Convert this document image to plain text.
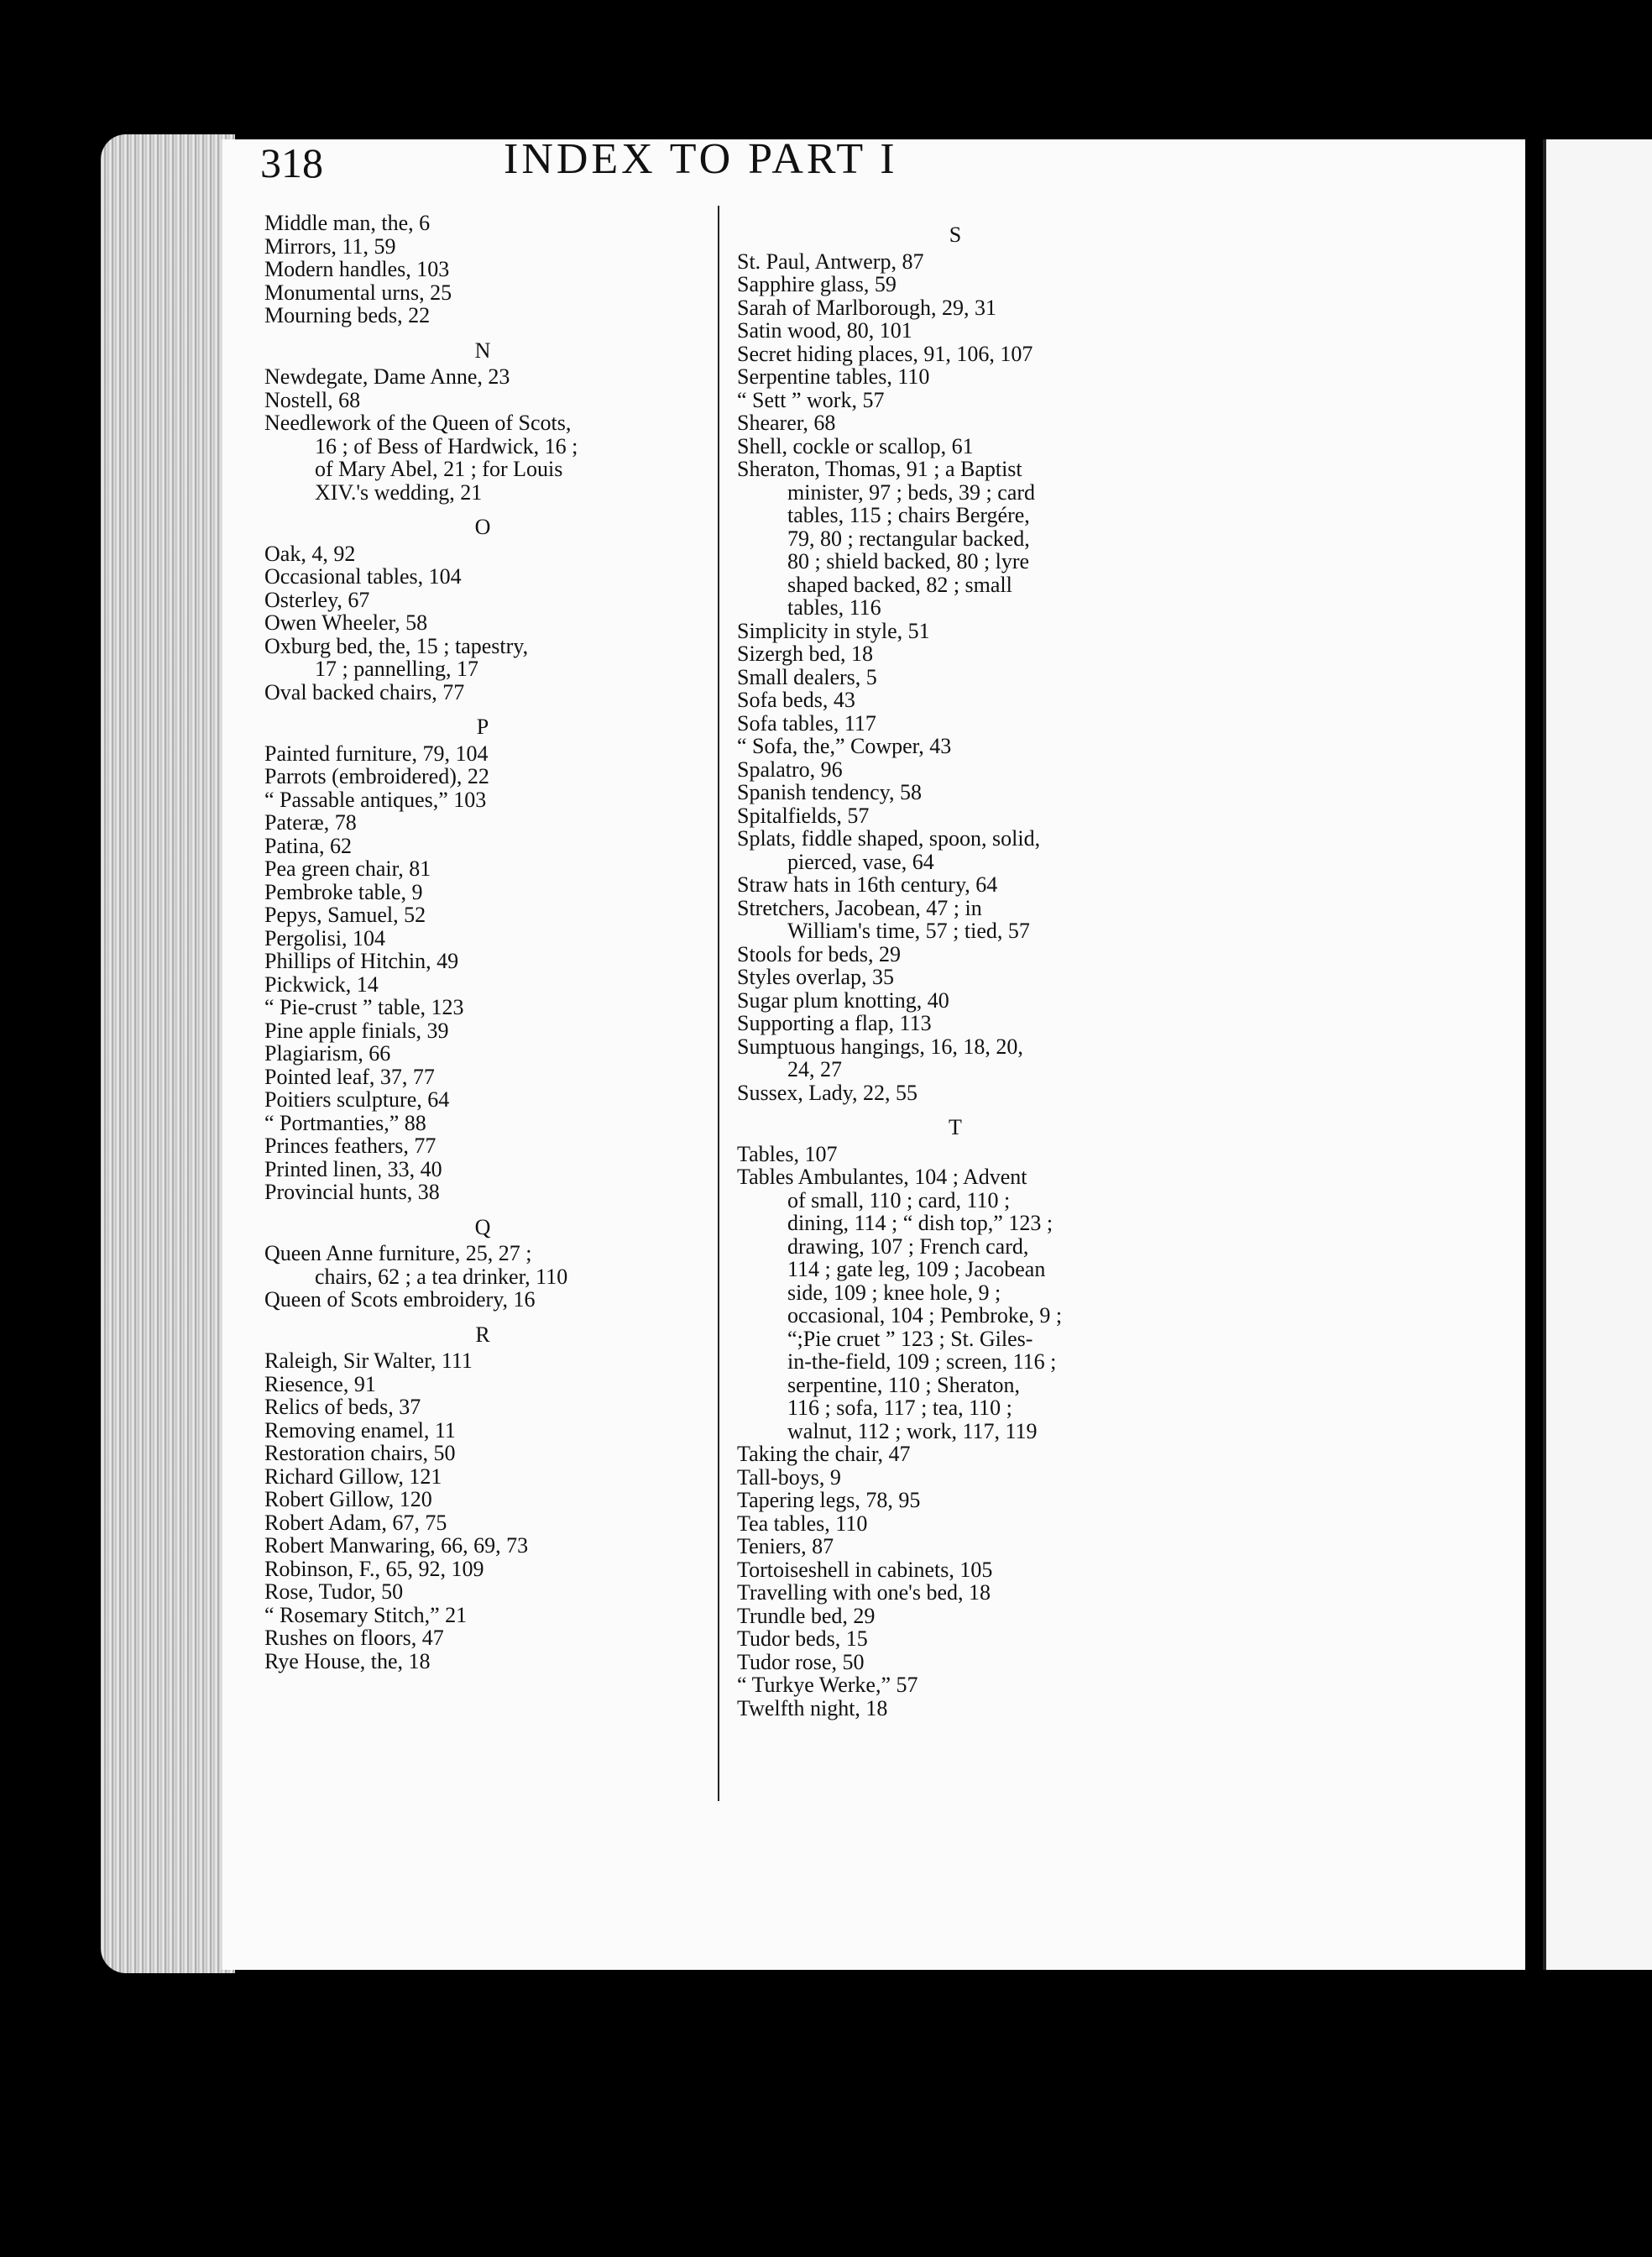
318	INDEX TO PART I
Middle man, the, 6
Mirrors, 11, 59
Modern handles, 103
Monumental urns, 25
Mourning beds, 22
N
Newdegate, Dame Anne, 23
Nostell, 68
Needlework of the Queen of Scots,
16 ; of Bess of Hardwick, 16 ;
of Mary Abel, 21 ; for Louis
XIV.'s wedding, 21
O
Oak, 4, 92
Occasional tables, 104
Osterley, 67
Owen Wheeler, 58
Oxburg bed, the, 15 ; tapestry,
17 ; pannelling, 17
Oval backed chairs, 77
P
Painted furniture, 79, 104
Parrots (embroidered), 22
“ Passable antiques,” 103
Pateræ, 78
Patina, 62
Pea green chair, 81
Pembroke table, 9
Pepys, Samuel, 52
Pergolisi, 104
Phillips of Hitchin, 49
Pickwick, 14
“ Pie-crust ” table, 123
Pine apple finials, 39
Plagiarism, 66
Pointed leaf, 37, 77
Poitiers sculpture, 64
“ Portmanties,” 88
Princes feathers, 77
Printed linen, 33, 40
Provincial hunts, 38
Q
Queen Anne furniture, 25, 27 ;
chairs, 62 ; a tea drinker, 110
Queen of Scots embroidery, 16
R
Raleigh, Sir Walter, 111
Riesence, 91
Relics of beds, 37
Removing enamel, 11
Restoration chairs, 50
Richard Gillow, 121
Robert Gillow, 120
Robert Adam, 67, 75
Robert Manwaring, 66, 69, 73
Robinson, F., 65, 92, 109
Rose, Tudor, 50
“ Rosemary Stitch,” 21
Rushes on floors, 47
Rye House, the, 18
S
St. Paul, Antwerp, 87
Sapphire glass, 59
Sarah of Marlborough, 29, 31
Satin wood, 80, 101
Secret hiding places, 91, 106, 107
Serpentine tables, 110
“ Sett ” work, 57
Shearer, 68
Shell, cockle or scallop, 61
Sheraton, Thomas, 91 ; a Baptist
minister, 97 ; beds, 39 ; card
tables, 115 ; chairs Bergére,
79, 80 ; rectangular backed,
80 ; shield backed, 80 ; lyre
shaped backed, 82 ; small
tables, 116
Simplicity in style, 51
Sizergh bed, 18
Small dealers, 5
Sofa beds, 43
Sofa tables, 117
“ Sofa, the,” Cowper, 43
Spalatro, 96
Spanish tendency, 58
Spitalfields, 57
Splats, fiddle shaped, spoon, solid,
pierced, vase, 64
Straw hats in 16th century, 64
Stretchers, Jacobean, 47 ; in
William's time, 57 ; tied, 57
Stools for beds, 29
Styles overlap, 35
Sugar plum knotting, 40
Supporting a flap, 113
Sumptuous hangings, 16, 18, 20,
24, 27
Sussex, Lady, 22, 55
T
Tables, 107
Tables Ambulantes, 104 ; Advent
of small, 110 ; card, 110 ;
dining, 114 ; “ dish top,” 123 ;
drawing, 107 ; French card,
114 ; gate leg, 109 ; Jacobean
side, 109 ; knee hole, 9 ;
occasional, 104 ; Pembroke, 9 ;
“;Pie cruet ” 123 ; St. Giles-
in-the-field, 109 ; screen, 116 ;
serpentine, 110 ; Sheraton,
116 ; sofa, 117 ; tea, 110 ;
walnut, 112 ; work, 117, 119
Taking the chair, 47
Tall-boys, 9
Tapering legs, 78, 95
Tea tables, 110
Teniers, 87
Tortoiseshell in cabinets, 105
Travelling with one's bed, 18
Trundle bed, 29
Tudor beds, 15
Tudor rose, 50
“ Turkye Werke,” 57
Twelfth night, 18
